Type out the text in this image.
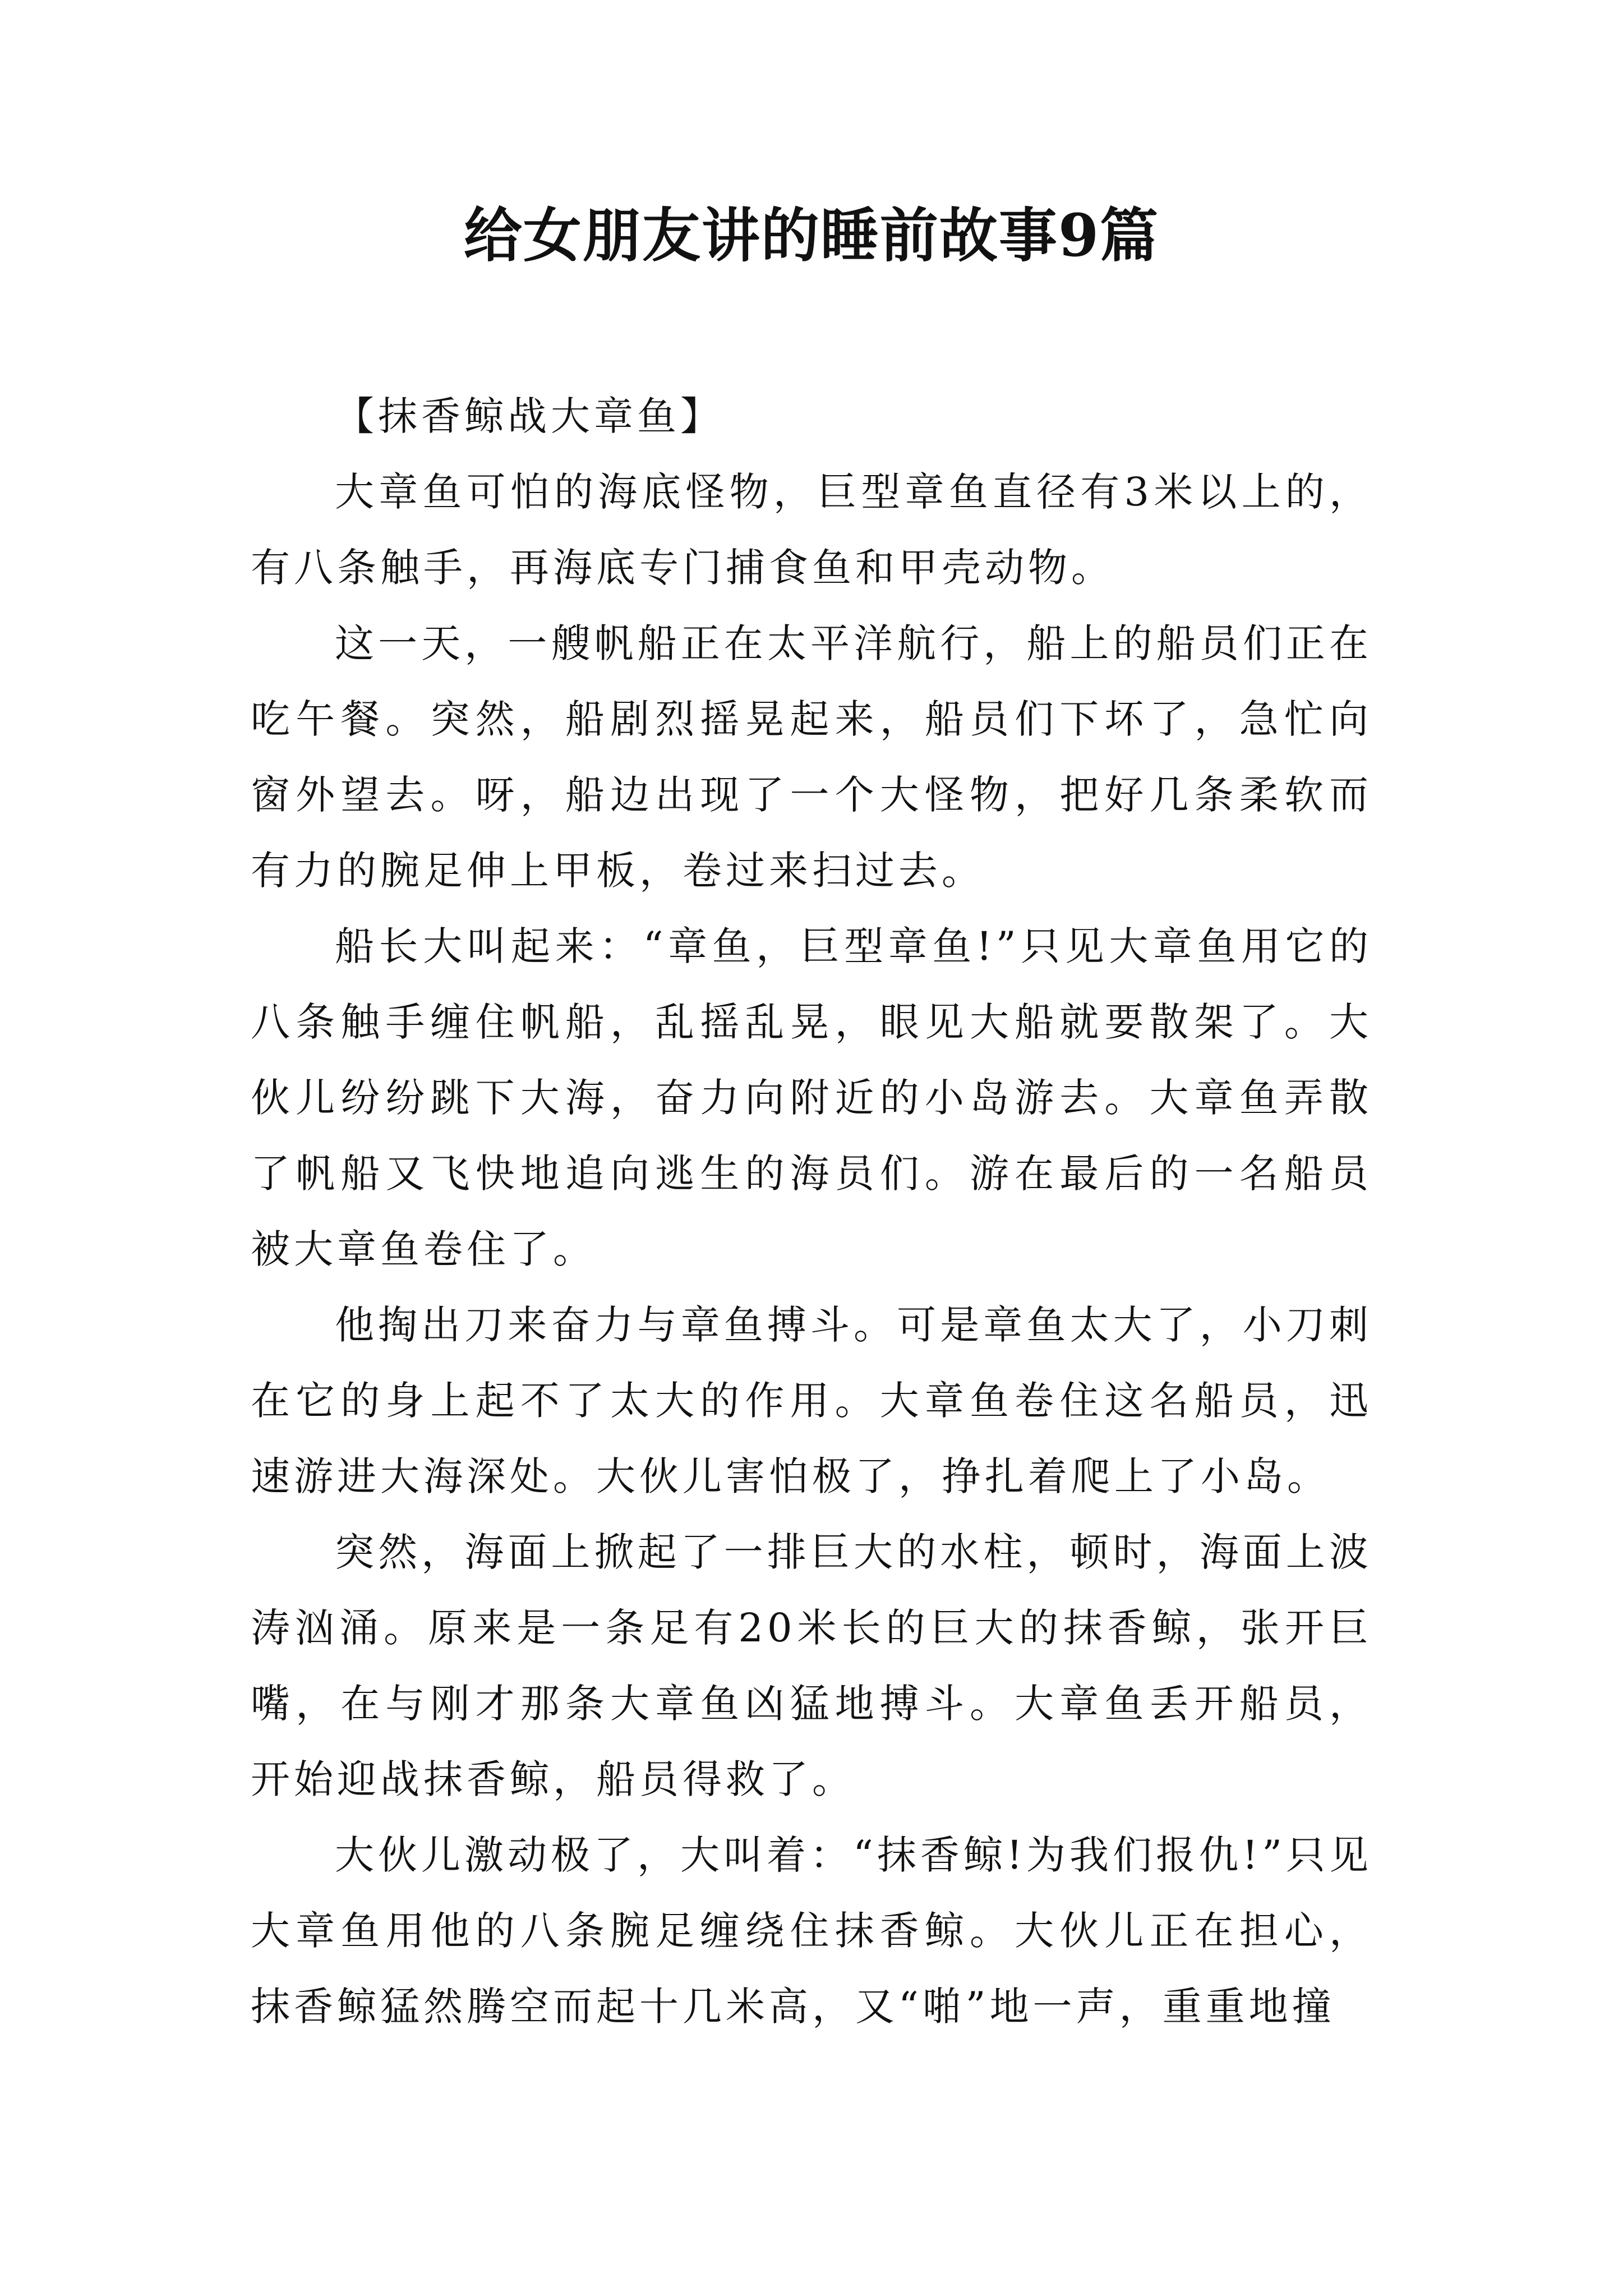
给女朋友讲的睡前故事9篇

【抹香鲸战大章鱼】

大章鱼可怕的海底怪物，巨型章鱼直径有3米以上的，有八条触手，再海底专门捕食鱼和甲壳动物。

这一天，一艘帆船正在太平洋航行，船上的船员们正在吃午餐。突然，船剧烈摇晃起来，船员们下坏了，急忙向窗外望去。呀，船边出现了一个大怪物，把好几条柔软而有力的腕足伸上甲板，卷过来扫过去。

船长大叫起来：“章鱼，巨型章鱼!”只见大章鱼用它的八条触手缠住帆船，乱摇乱晃，眼见大船就要散架了。大伙儿纷纷跳下大海，奋力向附近的小岛游去。大章鱼弄散了帆船又飞快地追向逃生的海员们。游在最后的一名船员被大章鱼卷住了。

他掏出刀来奋力与章鱼搏斗。可是章鱼太大了，小刀刺在它的身上起不了太大的作用。大章鱼卷住这名船员，迅速游进大海深处。大伙儿害怕极了，挣扎着爬上了小岛。

突然，海面上掀起了一排巨大的水柱，顿时，海面上波涛汹涌。原来是一条足有20米长的巨大的抹香鲸，张开巨嘴，在与刚才那条大章鱼凶猛地搏斗。大章鱼丢开船员，开始迎战抹香鲸，船员得救了。

大伙儿激动极了，大叫着：“抹香鲸!为我们报仇!”只见大章鱼用他的八条腕足缠绕住抹香鲸。大伙儿正在担心，抹香鲸猛然腾空而起十几米高，又“啪”地一声，重重地撞
